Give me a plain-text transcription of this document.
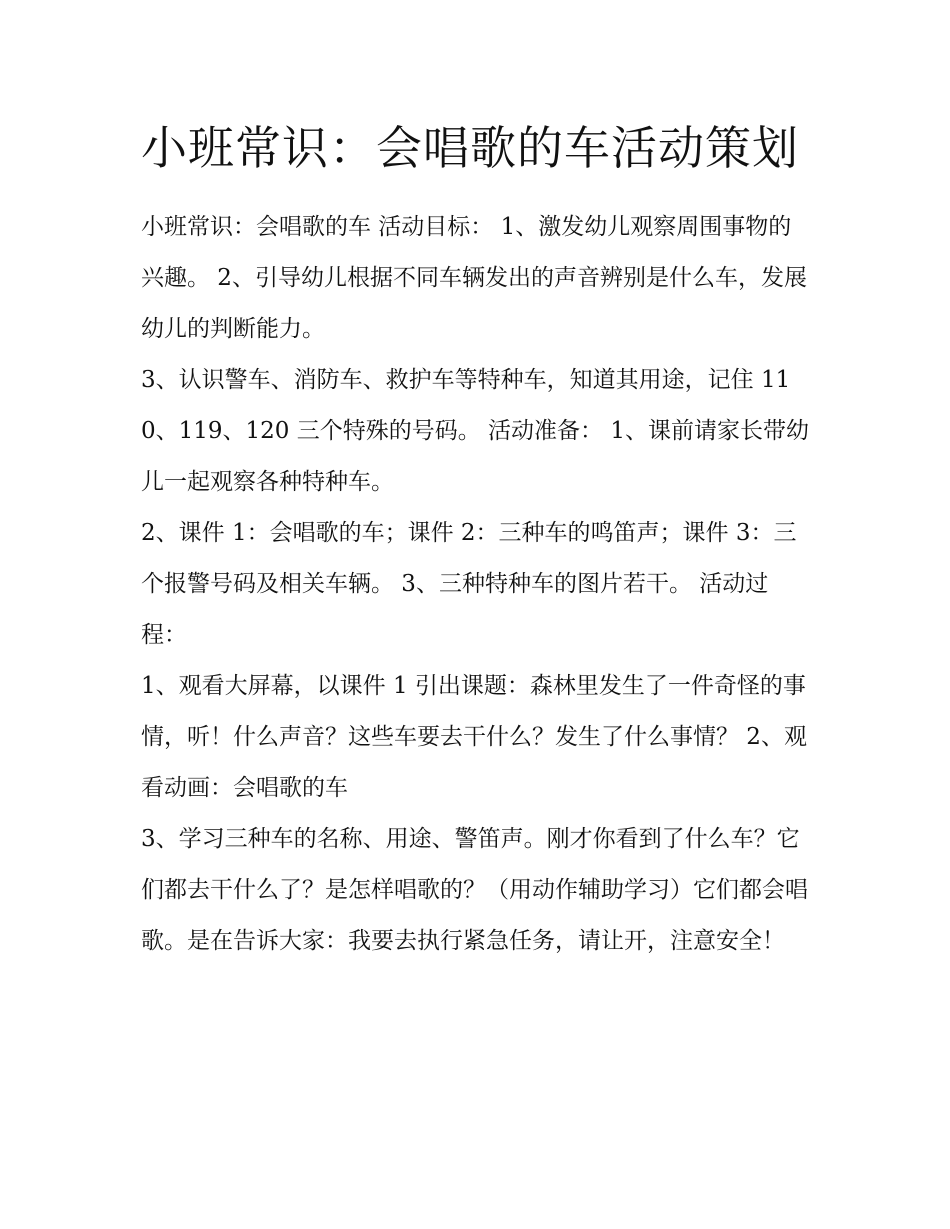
小班常识：会唱歌的车活动策划

小班常识：会唱歌的车 活动目标： 1、激发幼儿观察周围事物的兴趣。 2、引导幼儿根据不同车辆发出的声音辨别是什么车，发展幼儿的判断能力。

3、认识警车、消防车、救护车等特种车，知道其用途，记住 110、119、120 三个特殊的号码。 活动准备： 1、课前请家长带幼儿一起观察各种特种车。

2、课件 1：会唱歌的车；课件 2：三种车的鸣笛声；课件 3：三个报警号码及相关车辆。 3、三种特种车的图片若干。 活动过程：

1、观看大屏幕，以课件 1 引出课题：森林里发生了一件奇怪的事情，听！什么声音？这些车要去干什么？发生了什么事情？ 2、观看动画：会唱歌的车

3、学习三种车的名称、用途、警笛声。刚才你看到了什么车？它们都去干什么了？是怎样唱歌的？（用动作辅助学习）它们都会唱歌。是在告诉大家：我要去执行紧急任务，请让开，注意安全！
